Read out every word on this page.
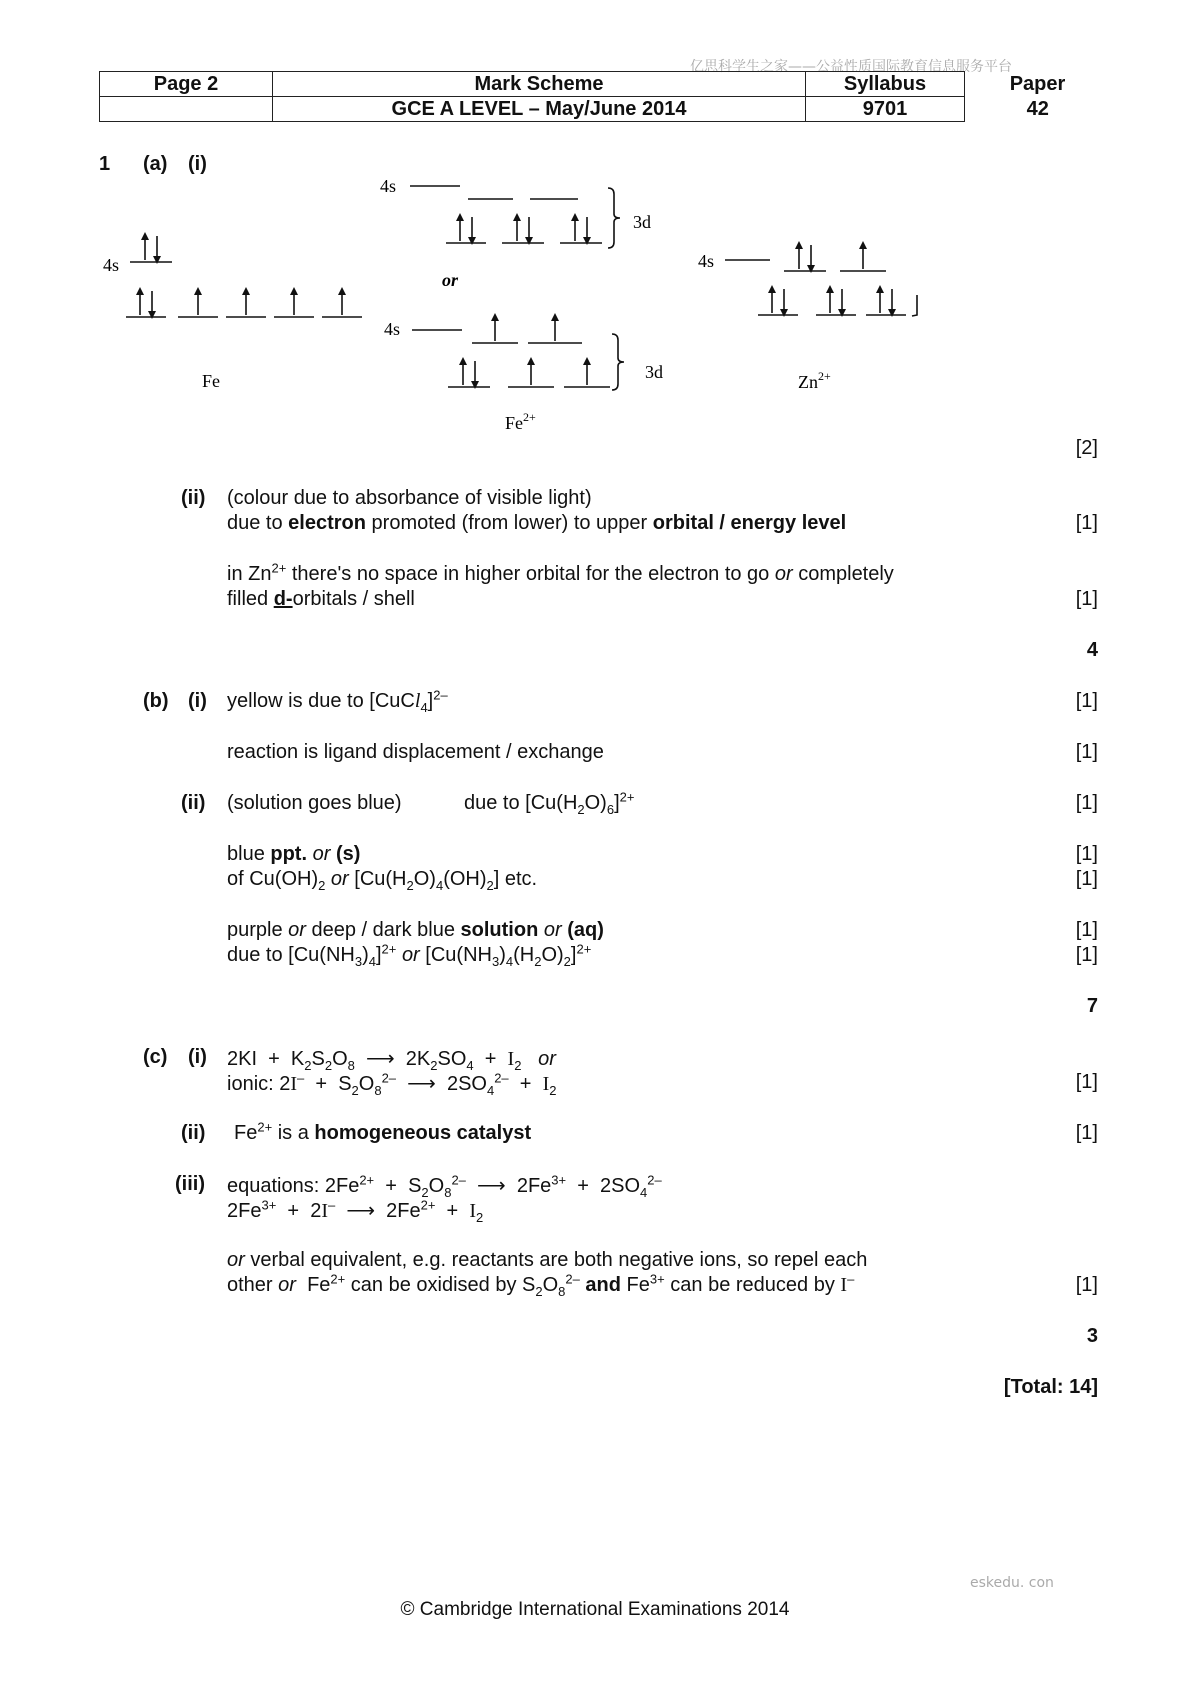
亿思科学生之家——公益性质国际教育信息服务平台
Page 2	Mark Scheme	Syllabus	Paper
	GCE A LEVEL – May/June 2014	9701	42
1 (a) (i)
4s
Fe
4s
3d
or
4s
3d
$Fe^{2+}$
4s
$Zn^{2+}$
[2]
(ii) (colour due to absorbance of visible light)
due to electron promoted (from lower) to upper orbital / energy level	[1]
in $Zn^{2+}$ there's no space in higher orbital for the electron to go or completely
filled d-orbitals / shell	[1]
4
(b) (i) yellow is due to [CuCl$_4$]$^{2-}$	[1]
reaction is ligand displacement / exchange	[1]
(ii) (solution goes blue)	due to $[Cu(H_2O)_6]^{2+}$	[1]
blue ppt. or (s)	[1]
of $Cu(OH)_2$ or $[Cu(H_2O)_4(OH)_2]$ etc.	[1]
purple or deep / dark blue solution or (aq)	[1]
due to $[Cu(NH_3)_4]^{2+}$ or $[Cu(NH_3)_4(H_2O)_2]^{2+}$	[1]
7
(c) (i) $2KI + K_2S_2O_8$ ⟶  $2K_2SO_4 + I_2$ or
ionic: $2I^- + S_2O_8^{2-}$ ⟶  $2SO_4^{2-} + I_2$	[1]
(ii) $Fe^{2+}$ is a homogeneous catalyst	[1]
(iii) equations: $2Fe^{2+} + S_2O_8^{2-}$ ⟶  $2Fe^{3+} + 2SO_4^{2-}$
$2Fe^{3+} + 2I^-$ ⟶  $2Fe^{2+} + I_2$
or verbal equivalent, e.g. reactants are both negative ions, so repel each
other or  $Fe^{2+}$ can be oxidised by $S_2O_8^{2-}$ and $Fe^{3+}$ can be reduced by I–	[1]
3
[Total: 14]
eskedu. con
© Cambridge International Examinations 2014
